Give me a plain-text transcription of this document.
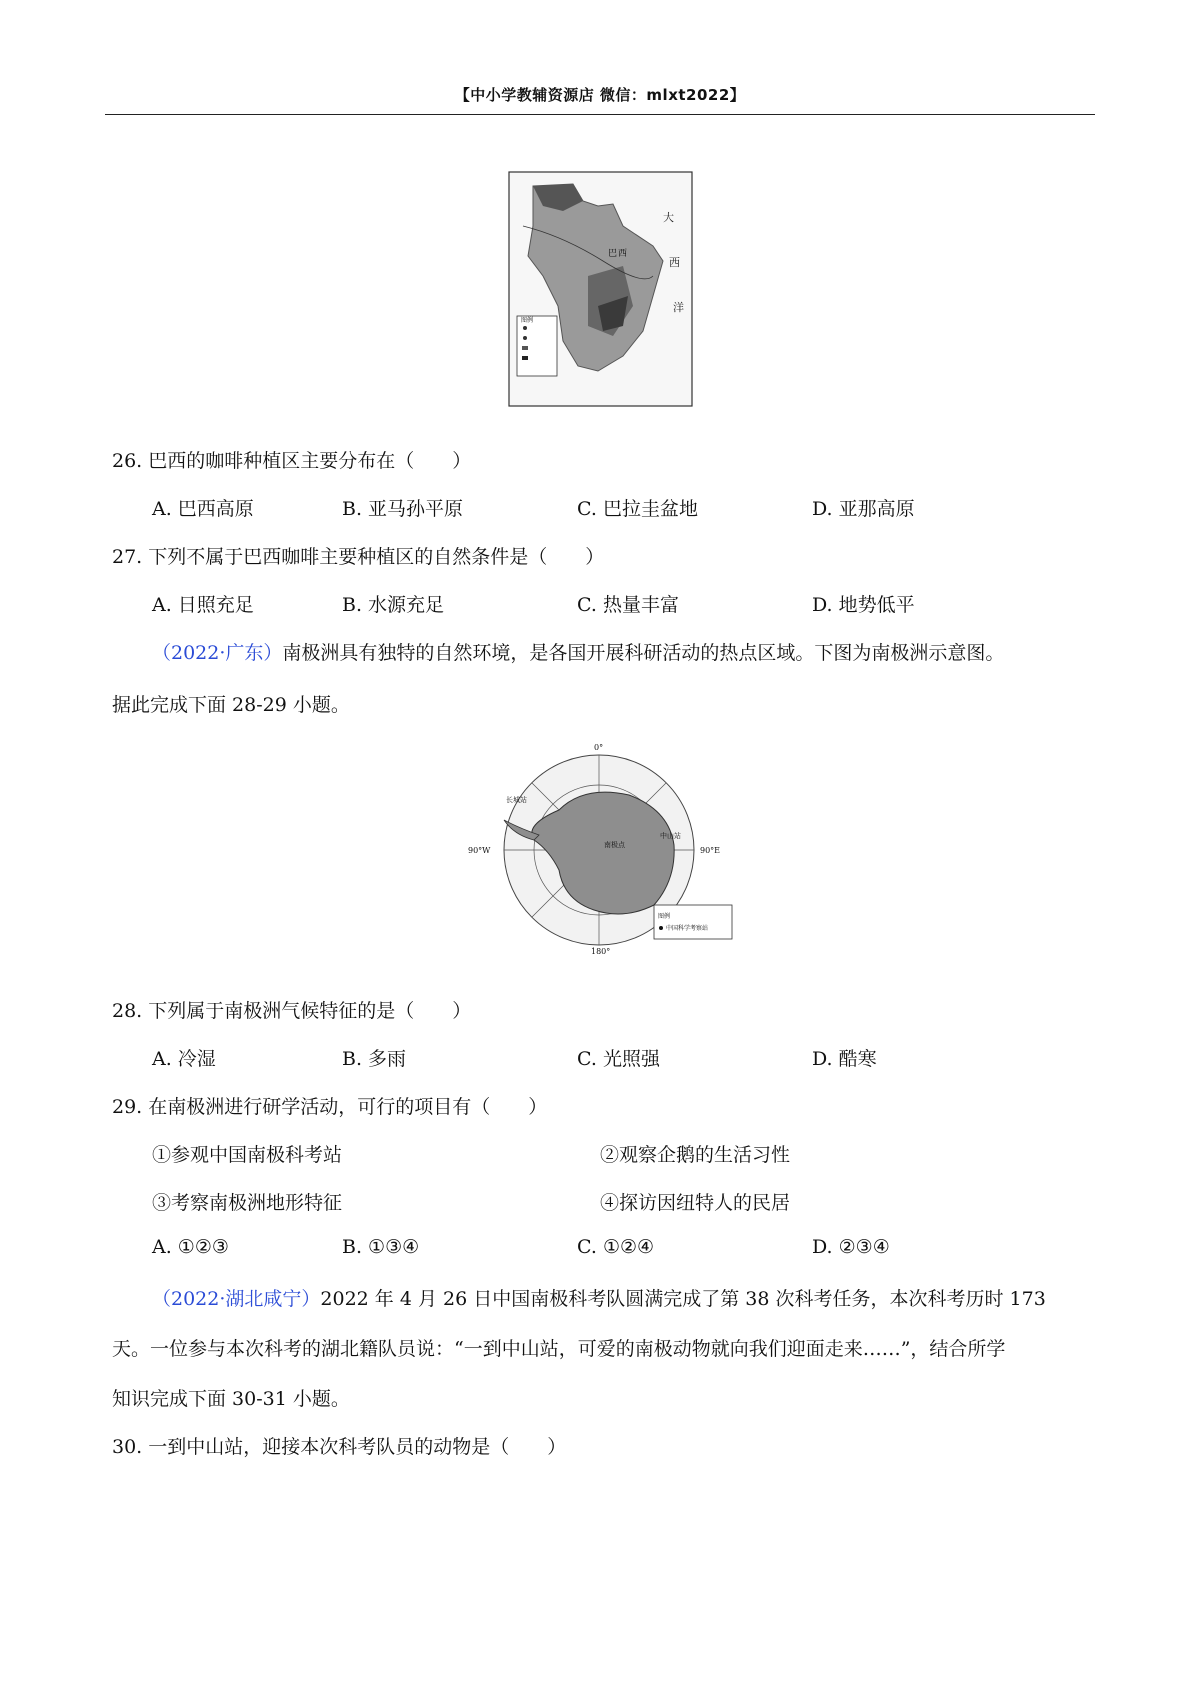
【中小学教辅资源店 微信：mlxt2022】
大
西
洋
巴 西
图例
26. 巴西的咖啡种植区主要分布在（　　）
A. 巴西高原	B. 亚马孙平原	C. 巴拉圭盆地	D. 亚那高原
27. 下列不属于巴西咖啡主要种植区的自然条件是（　　）
A. 日照充足	B. 水源充足	C. 热量丰富	D. 地势低平
（2022·广东）南极洲具有独特的自然环境，是各国开展科研活动的热点区域。下图为南极洲示意图。
据此完成下面 28-29 小题。
0°
90°W	90°E
180°
长城站
中山站
南极点
图例
中国科学考察站
28. 下列属于南极洲气候特征的是（　　）
A. 冷湿	B. 多雨	C. 光照强	D. 酷寒
29. 在南极洲进行研学活动，可行的项目有（　　）
①参观中国南极科考站	②观察企鹅的生活习性
③考察南极洲地形特征	④探访因纽特人的民居
A. ①②③	B. ①③④	C. ①②④	D. ②③④
（2022·湖北咸宁）2022 年 4 月 26 日中国南极科考队圆满完成了第 38 次科考任务，本次科考历时 173
天。一位参与本次科考的湖北籍队员说：“一到中山站，可爱的南极动物就向我们迎面走来……”，结合所学
知识完成下面 30-31 小题。
30. 一到中山站，迎接本次科考队员的动物是（　　）
